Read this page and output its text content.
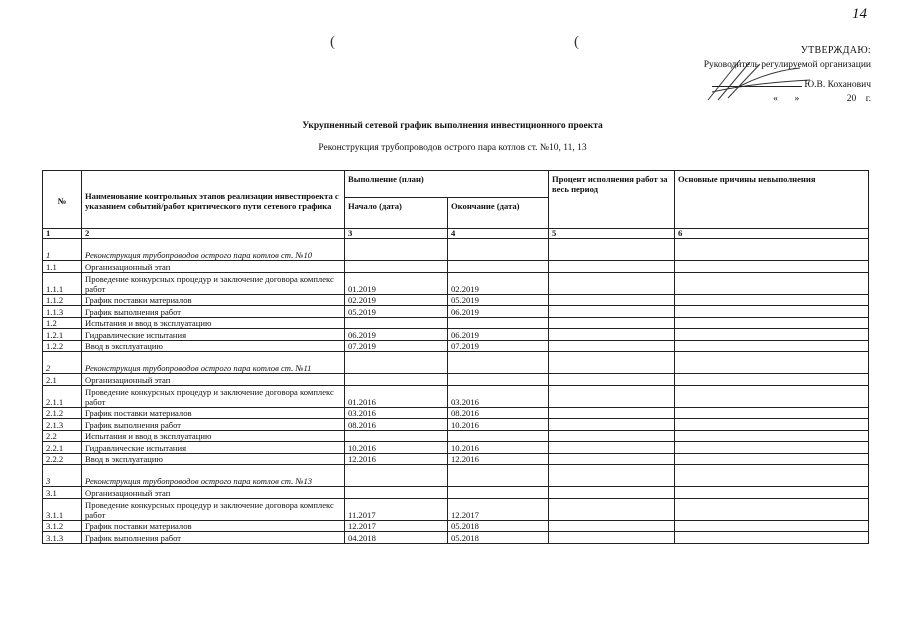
14
(	(
УТВЕРЖДАЮ:
Руководитель регулируемой организации
Ю.В. Коханович
«       »                    20    г.
Укрупненный сетевой график выполнения инвестиционного проекта
Реконструкция трубопроводов острого пара котлов ст. №10, 11, 13
№	Наименование контрольных этапов реализации инвестпроекта с указанием событий/работ критического пути сетевого графика	Выполнение (план)		Процент исполнения работ за весь период	Основные причины невыполнения
		Начало (дата)	Окончание (дата)		
1	2	3	4	5	6
1	Реконструкция трубопроводов острого пара котлов ст. №10				
1.1	Организационный этап				
1.1.1	Проведение конкурсных процедур и заключение договора комплекс работ	01.2019	02.2019		
1.1.2	График поставки материалов	02.2019	05.2019		
1.1.3	График выполнения работ	05.2019	06.2019		
1.2	Испытания и ввод в эксплуатацию				
1.2.1	Гидравлические испытания	06.2019	06.2019		
1.2.2	Ввод в эксплуатацию	07.2019	07.2019		
2	Реконструкция трубопроводов острого пара котлов ст. №11				
2.1	Организационный этап				
2.1.1	Проведение конкурсных процедур и заключение договора комплекс работ	01.2016	03.2016		
2.1.2	График поставки материалов	03.2016	08.2016		
2.1.3	График выполнения работ	08.2016	10.2016		
2.2	Испытания и ввод в эксплуатацию				
2.2.1	Гидравлические испытания	10.2016	10.2016		
2.2.2	Ввод в эксплуатацию	12.2016	12.2016		
3	Реконструкция трубопроводов острого пара котлов ст. №13				
3.1	Организационный этап				
3.1.1	Проведение конкурсных процедур и заключение договора комплекс работ	11.2017	12.2017		
3.1.2	График поставки материалов	12.2017	05.2018		
3.1.3	График выполнения работ	04.2018	05.2018		
